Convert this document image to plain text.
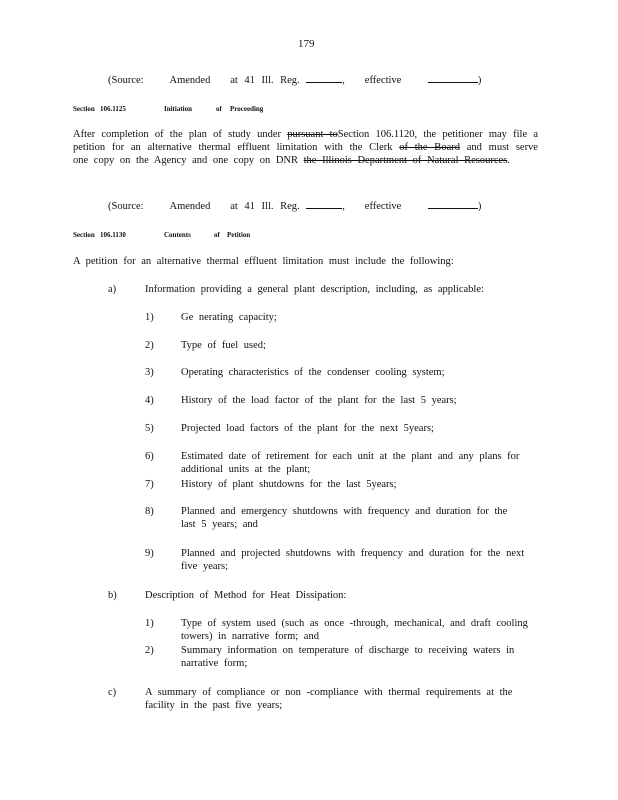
179
(Source: Amended at 41 Ill. Reg.	, effective	)
Section 106.1125	Initiation	of Proceeding
After completion of the plan of study under pursuant toSection 106.1120, the petitioner may file a petition for an alternative thermal effluent limitation with the Clerk of the Board and must serve one copy on the Agency and one copy on DNR the Illinois Department of Natural Resources.
(Source: Amended at 41 Ill. Reg.	, effective	)
Section 106.1130	Contents	of Petition
A petition for an alternative thermal effluent limitation must include the following:
a)	Information providing a general plant description, including, as applicable:
1)	Ge nerating capacity;
2)	Type of fuel used;
3)	Operating characteristics of the condenser cooling system;
4)	History of the load factor of the plant for the last 5 years;
5)	Projected load factors of the plant for the next 5years;
6)	Estimated date of retirement for each unit at the plant and any plans for additional units at the plant;
7)	History of plant shutdowns for the last 5years;
8)	Planned and emergency shutdowns with frequency and duration for the last 5 years; and
9)	Planned and projected shutdowns with frequency and duration for the next five years;
b)	Description of Method for Heat Dissipation:
1)	Type of system used (such as once -through, mechanical, and draft cooling towers) in narrative form; and
2)	Summary information on temperature of discharge to receiving waters in narrative form;
c)	A summary of compliance or non -compliance with thermal requirements at the facility in the past five years;
